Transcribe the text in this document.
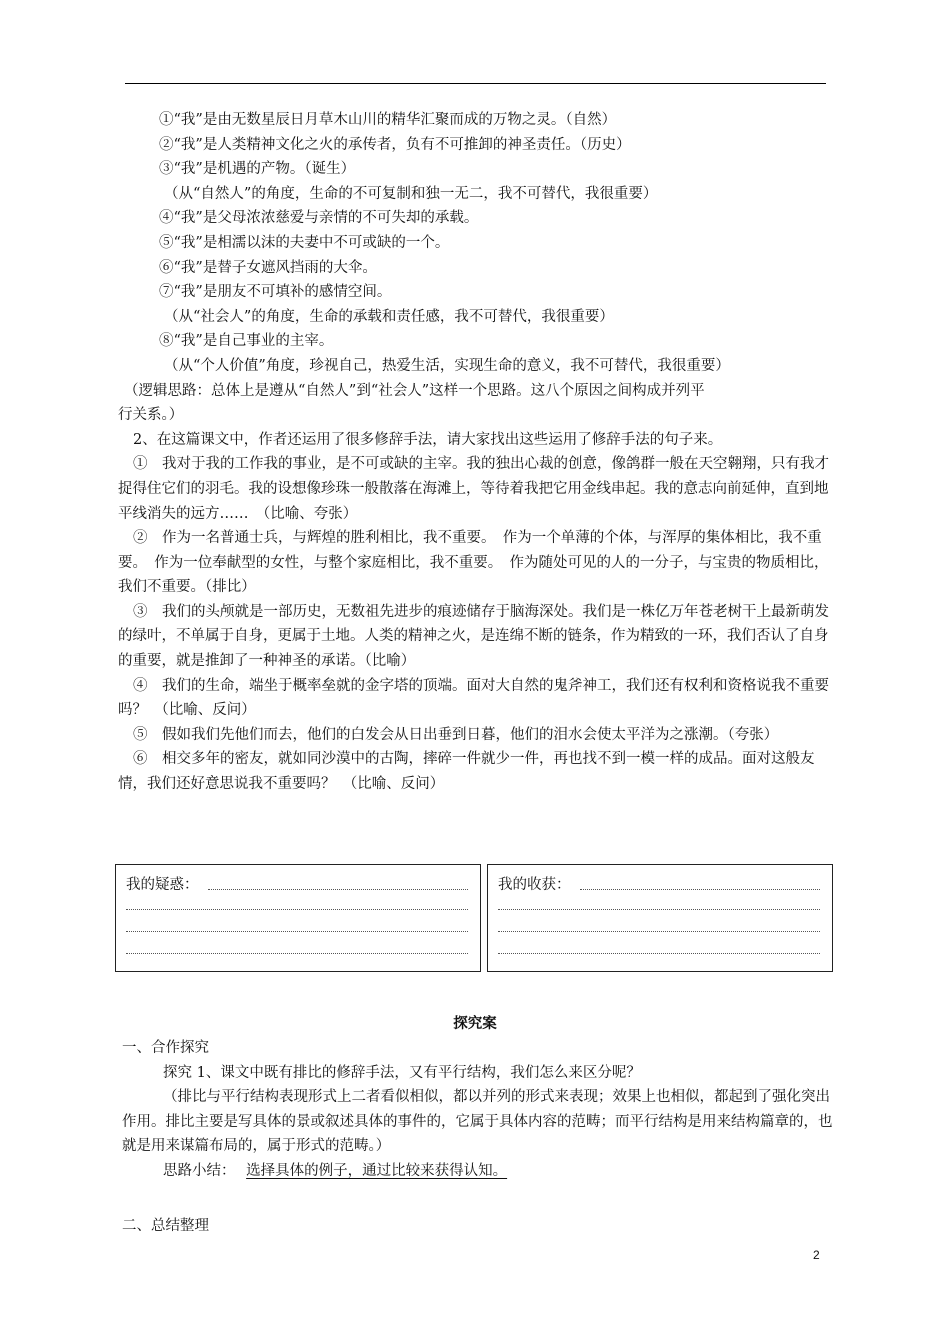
①“我”是由无数星辰日月草木山川的精华汇聚而成的万物之灵。（自然）
②“我”是人类精神文化之火的承传者，负有不可推卸的神圣责任。（历史）
③“我”是机遇的产物。（诞生）
（从“自然人”的角度，生命的不可复制和独一无二，我不可替代，我很重要）
④“我”是父母浓浓慈爱与亲情的不可失却的承载。
⑤“我”是相濡以沫的夫妻中不可或缺的一个。
⑥“我”是替子女遮风挡雨的大伞。
⑦“我”是朋友不可填补的感情空间。
（从“社会人”的角度，生命的承载和责任感，我不可替代，我很重要）
⑧“我”是自己事业的主宰。
（从“个人价值”角度，珍视自己，热爱生活，实现生命的意义，我不可替代，我很重要）
（逻辑思路：总体上是遵从“自然人”到“社会人”这样一个思路。这八个原因之间构成并列平
行关系。）
2、在这篇课文中，作者还运用了很多修辞手法，请大家找出这些运用了修辞手法的句子来。
①　我对于我的工作我的事业，是不可或缺的主宰。我的独出心裁的创意，像鸽群一般在天空翱翔，只有我才捉得住它们的羽毛。我的设想像珍珠一般散落在海滩上，等待着我把它用金线串起。我的意志向前延伸，直到地平线消失的远方……　（比喻、夸张）
②　作为一名普通士兵，与辉煌的胜利相比，我不重要。　作为一个单薄的个体，与浑厚的集体相比，我不重要。　作为一位奉献型的女性，与整个家庭相比，我不重要。　作为随处可见的人的一分子，与宝贵的物质相比，我们不重要。（排比）
③　我们的头颅就是一部历史，无数祖先进步的痕迹储存于脑海深处。我们是一株亿万年苍老树干上最新萌发的绿叶，不单属于自身，更属于土地。人类的精神之火，是连绵不断的链条，作为精致的一环，我们否认了自身的重要，就是推卸了一种神圣的承诺。（比喻）
④　我们的生命，端坐于概率垒就的金字塔的顶端。面对大自然的鬼斧神工，我们还有权利和资格说我不重要吗？　（比喻、反问）
⑤　假如我们先他们而去，他们的白发会从日出垂到日暮，他们的泪水会使太平洋为之涨潮。（夸张）
⑥　相交多年的密友，就如同沙漠中的古陶，摔碎一件就少一件，再也找不到一模一样的成品。面对这般友情，我们还好意思说我不重要吗？　（比喻、反问）
我的疑惑：	我的收获：
探究案
一、合作探究
探究 1、课文中既有排比的修辞手法，又有平行结构，我们怎么来区分呢？
（排比与平行结构表现形式上二者看似相似，都以并列的形式来表现；效果上也相似，都起到了强化突出作用。排比主要是写具体的景或叙述具体的事件的，它属于具体内容的范畴；而平行结构是用来结构篇章的，也就是用来谋篇布局的，属于形式的范畴。）
思路小结： 选择具体的例子，通过比较来获得认知。
二、总结整理
2
